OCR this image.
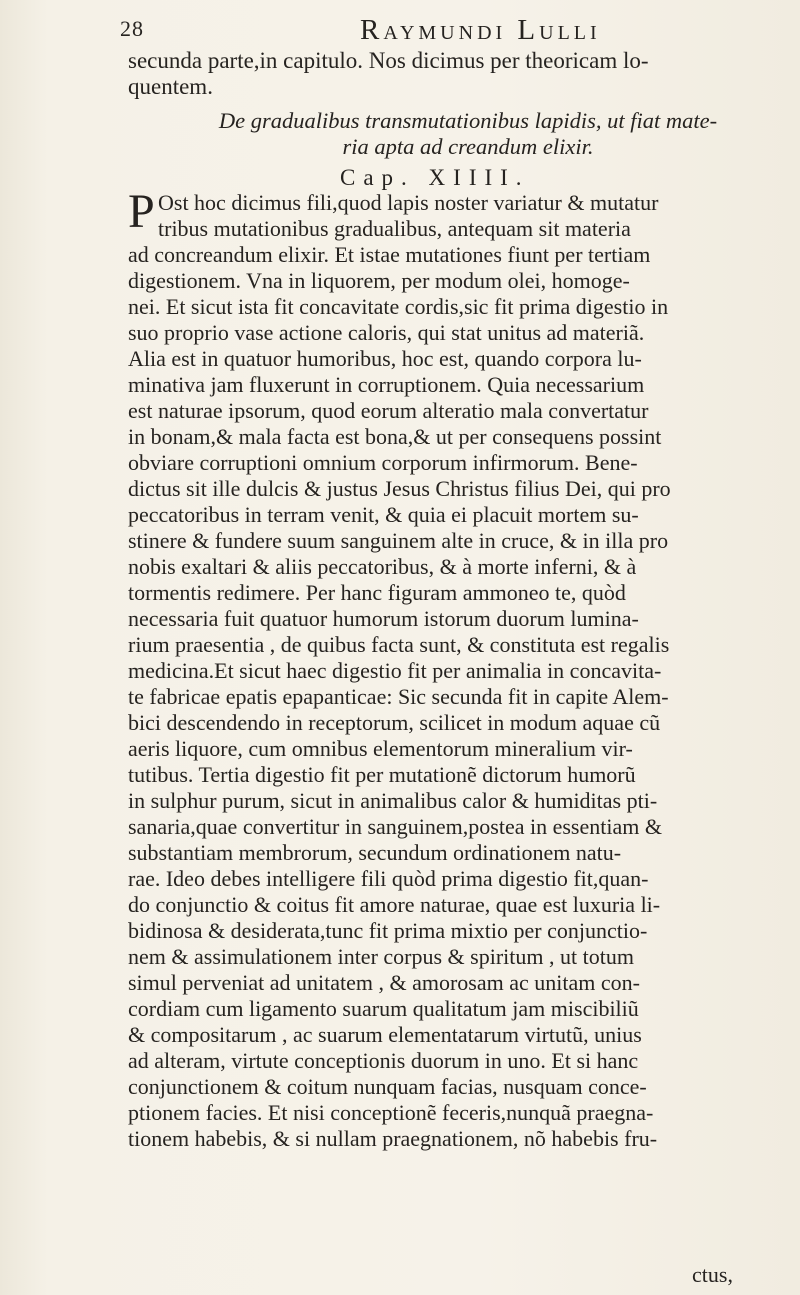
28	Raymundi Lulli
secunda parte,in capitulo. Nos dicimus per theoricam lo-
quentem.
De gradualibus transmutationibus lapidis, ut fiat mate-
ria apta ad creandum elixir.
Cap. XIIII.
P Ost hoc dicimus fili,quod lapis noster variatur & mutatur
tribus mutationibus gradualibus, antequam sit materia
ad concreandum elixir. Et istae mutationes fiunt per tertiam
digestionem. Vna in liquorem, per modum olei, homoge-
nei. Et sicut ista fit concavitate cordis,sic fit prima digestio in
suo proprio vase actione caloris, qui stat unitus ad materiã.
Alia est in quatuor humoribus, hoc est, quando corpora lu-
minativa jam fluxerunt in corruptionem. Quia necessarium
est naturae ipsorum, quod eorum alteratio mala convertatur
in bonam,& mala facta est bona,& ut per consequens possint
obviare corruptioni omnium corporum infirmorum. Bene-
dictus sit ille dulcis & justus Jesus Christus filius Dei, qui pro
peccatoribus in terram venit, & quia ei placuit mortem su-
stinere & fundere suum sanguinem alte in cruce, & in illa pro
nobis exaltari & aliis peccatoribus, & à morte inferni, & à
tormentis redimere. Per hanc figuram ammoneo te, quòd
necessaria fuit quatuor humorum istorum duorum lumina-
rium praesentia , de quibus facta sunt, & constituta est regalis
medicina.Et sicut haec digestio fit per animalia in concavita-
te fabricae epatis epapanticae: Sic secunda fit in capite Alem-
bici descendendo in receptorum, scilicet in modum aquae cũ
aeris liquore, cum omnibus elementorum mineralium vir-
tutibus. Tertia digestio fit per mutationẽ dictorum humorũ
in sulphur purum, sicut in animalibus calor & humiditas pti-
sanaria,quae convertitur in sanguinem,postea in essentiam &
substantiam membrorum, secundum ordinationem natu-
rae. Ideo debes intelligere fili quòd prima digestio fit,quan-
do conjunctio & coitus fit amore naturae, quae est luxuria li-
bidinosa & desiderata,tunc fit prima mixtio per conjunctio-
nem & assimulationem inter corpus & spiritum , ut totum
simul perveniat ad unitatem , & amorosam ac unitam con-
cordiam cum ligamento suarum qualitatum jam miscibiliũ
& compositarum , ac suarum elementatarum virtutũ, unius
ad alteram, virtute conceptionis duorum in uno. Et si hanc
conjunctionem & coitum nunquam facias, nusquam conce-
ptionem facies. Et nisi conceptionẽ feceris,nunquã praegna-
tionem habebis, & si nullam praegnationem, nõ habebis fru-
ctus,
